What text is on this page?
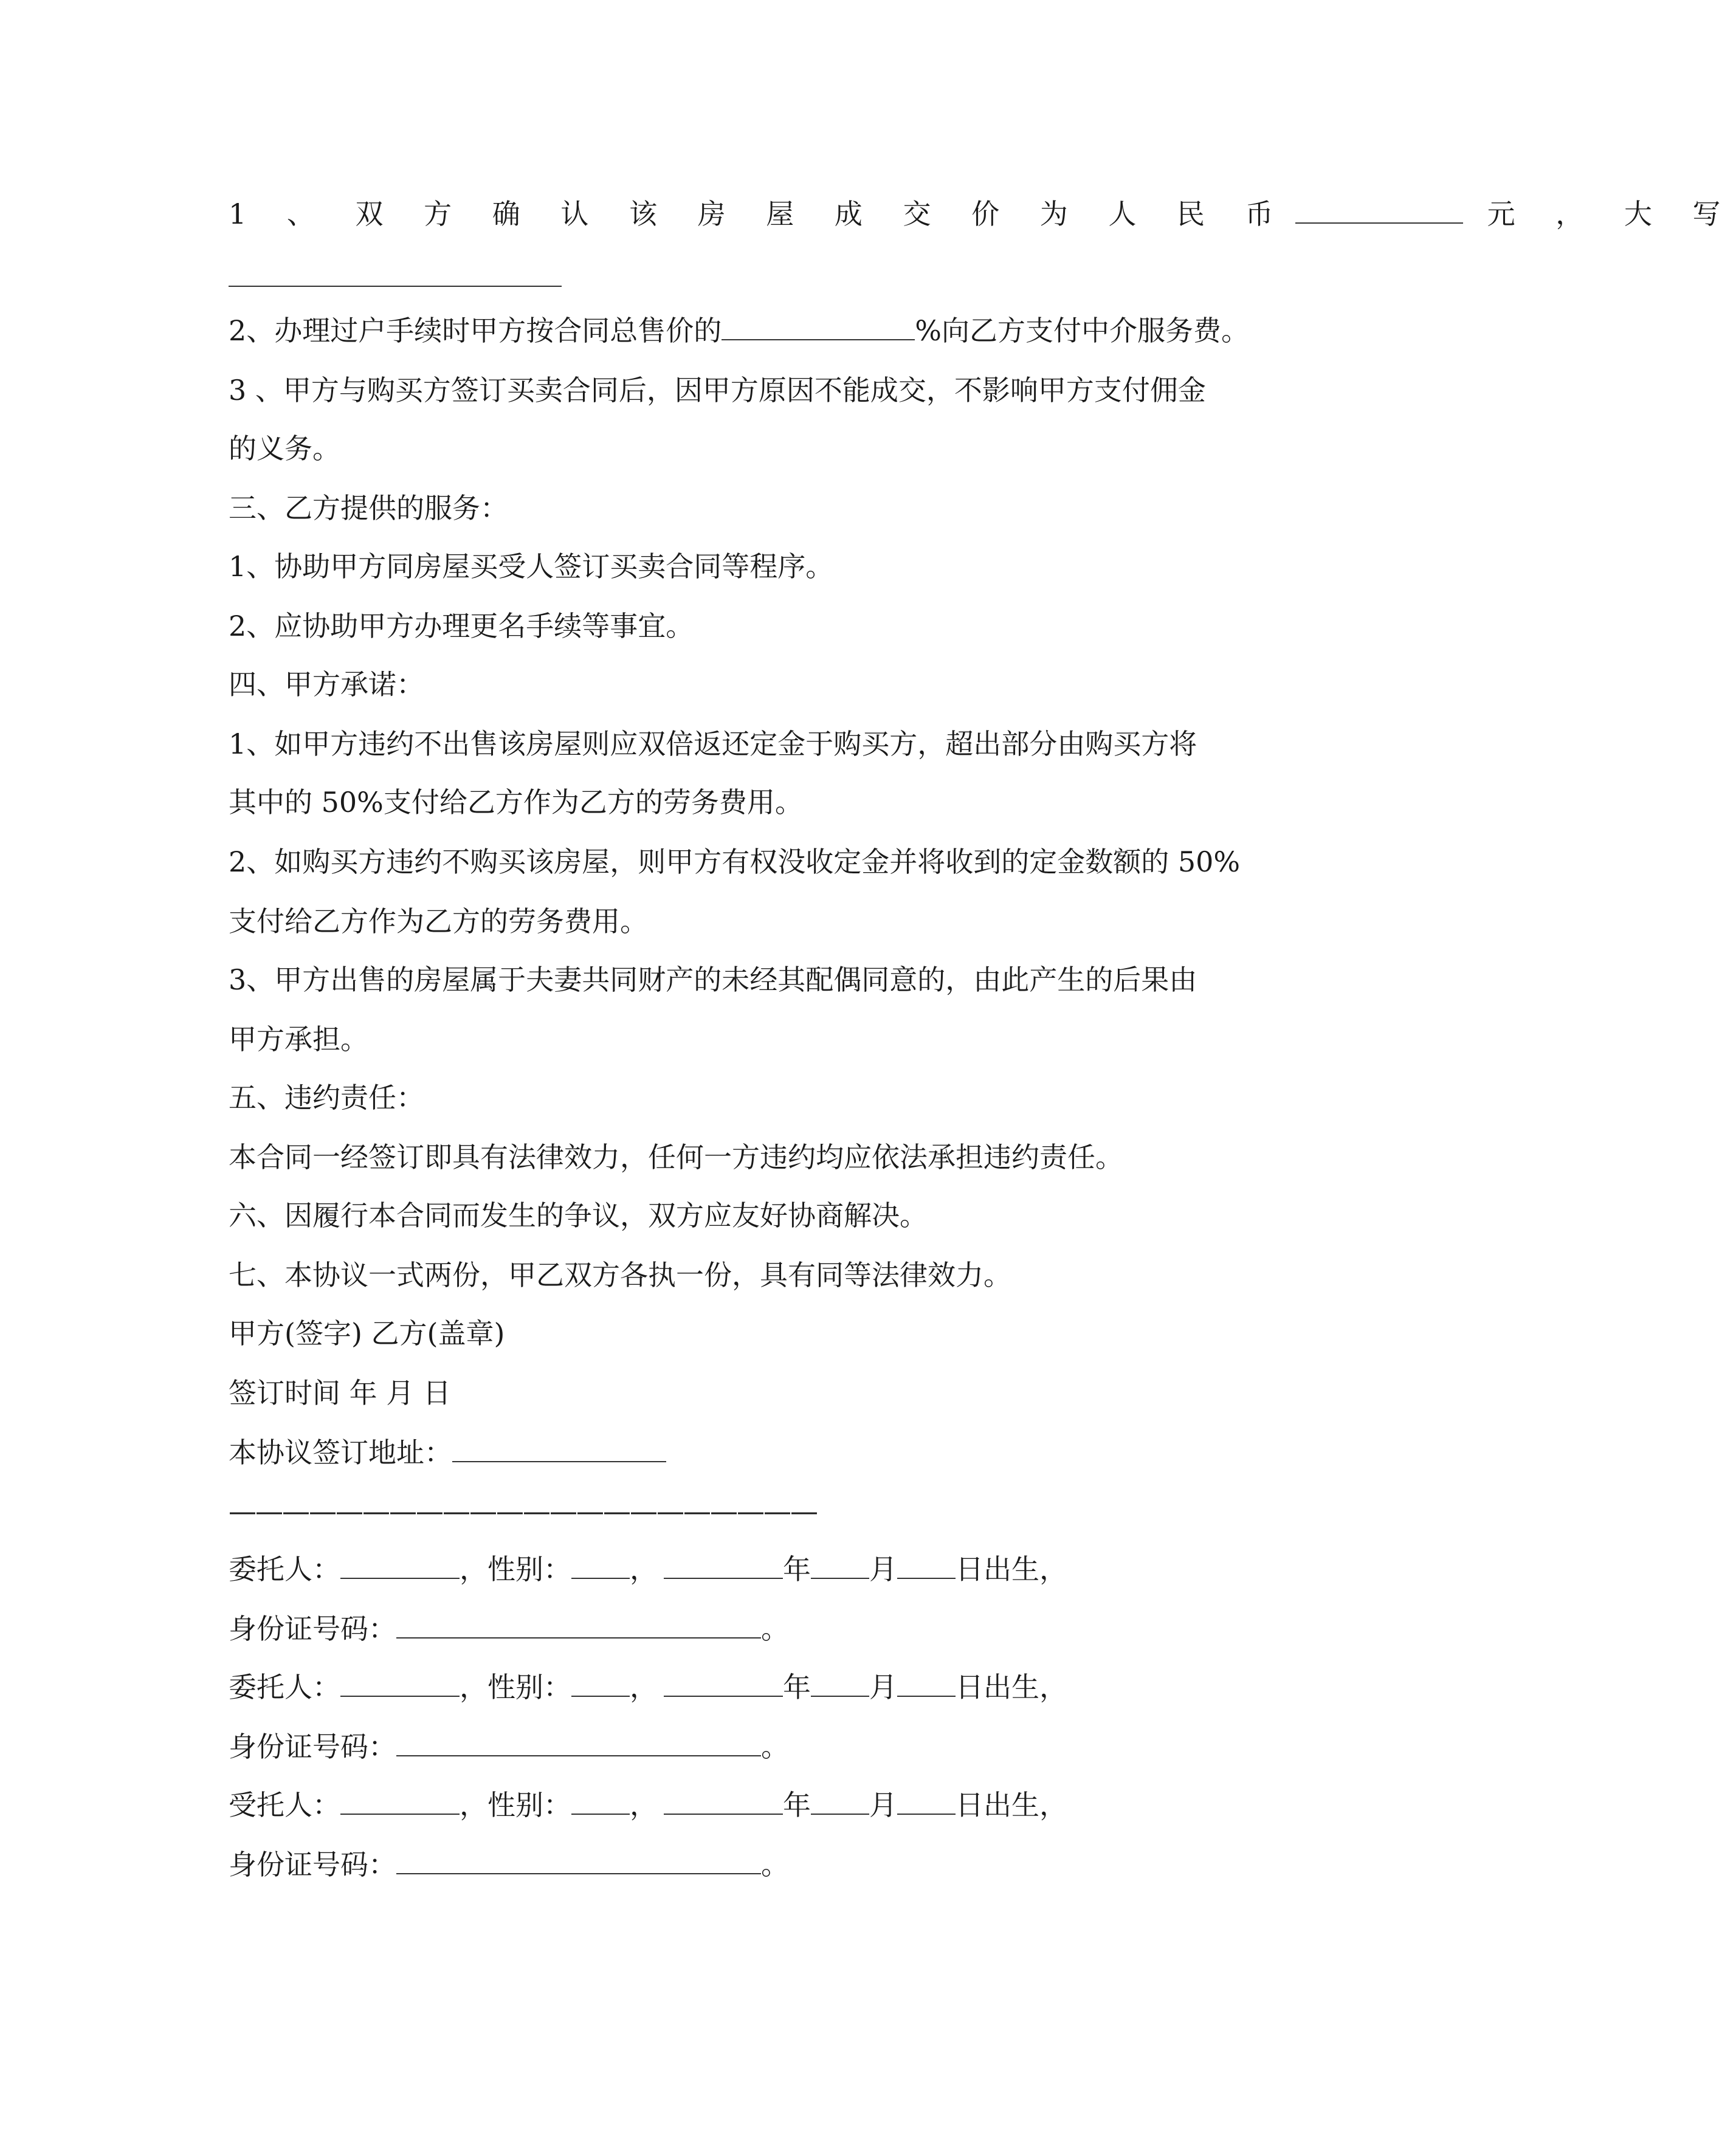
1 、 双 方 确 认 该 房 屋 成 交 价 为 人 民 币	元 ， 大 写
2、办理过户手续时甲方按合同总售价的	%向乙方支付中介服务费。
3 、甲方与购买方签订买卖合同后，因甲方原因不能成交，不影响甲方支付佣金
的义务。
三、乙方提供的服务：
1、协助甲方同房屋买受人签订买卖合同等程序。
2、应协助甲方办理更名手续等事宜。
四、甲方承诺：
1、如甲方违约不出售该房屋则应双倍返还定金于购买方，超出部分由购买方将
其中的 50%支付给乙方作为乙方的劳务费用。
2、如购买方违约不购买该房屋，则甲方有权没收定金并将收到的定金数额的 50%
支付给乙方作为乙方的劳务费用。
3、甲方出售的房屋属于夫妻共同财产的未经其配偶同意的，由此产生的后果由
甲方承担。
五、违约责任：
本合同一经签订即具有法律效力，任何一方违约均应依法承担违约责任。
六、因履行本合同而发生的争议，双方应友好协商解决。
七、本协议一式两份，甲乙双方各执一份，具有同等法律效力。
甲方(签字) 乙方(盖章)
签订时间 年 月 日
本协议签订地址：
——————————————————————
委托人：	，性别： ，	年 月 日出生，
身份证号码：	。
委托人：	，性别： ，	年 月 日出生，
身份证号码：	。
受托人：	，性别： ，	年 月 日出生，
身份证号码：	。
